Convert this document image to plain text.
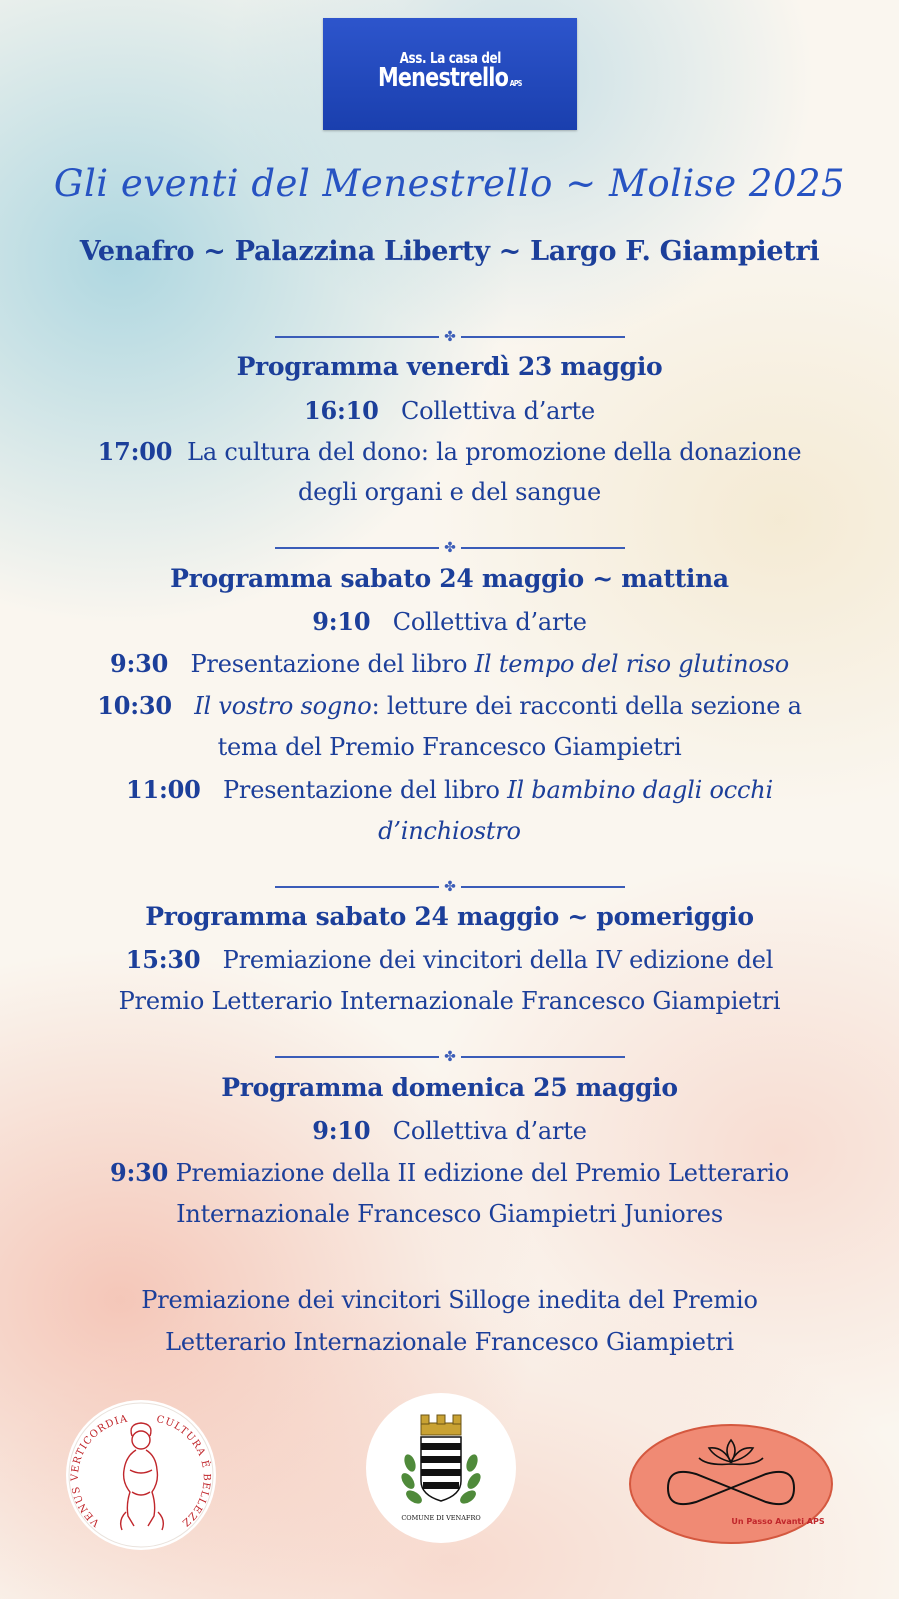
Ass. La casa del
Menestrello APS
Gli eventi del Menestrello ~ Molise 2025
Venafro ~ Palazzina Liberty ~ Largo F. Giampietri
✤
Programma venerdì 23 maggio
16:10 Collettiva d’arte
17:00 La cultura del dono: la promozione della donazione
degli organi e del sangue
✤
Programma sabato 24 maggio ~ mattina
9:10 Collettiva d’arte
9:30 Presentazione del libro Il tempo del riso glutinoso
10:30 Il vostro sogno: letture dei racconti della sezione a
tema del Premio Francesco Giampietri
11:00 Presentazione del libro Il bambino dagli occhi
d’inchiostro
✤
Programma sabato 24 maggio ~ pomeriggio
15:30 Premiazione dei vincitori della IV edizione del
Premio Letterario Internazionale Francesco Giampietri
✤
Programma domenica 25 maggio
9:10 Collettiva d’arte
9:30 Premiazione della II edizione del Premio Letterario
Internazionale Francesco Giampietri Juniores
Premiazione dei vincitori Silloge inedita del Premio
Letterario Internazionale Francesco Giampietri
VENUS VERTICORDIA	CULTURA È BELLEZZ	COMUNE DI VENAFRO	Un Passo Avanti APS
